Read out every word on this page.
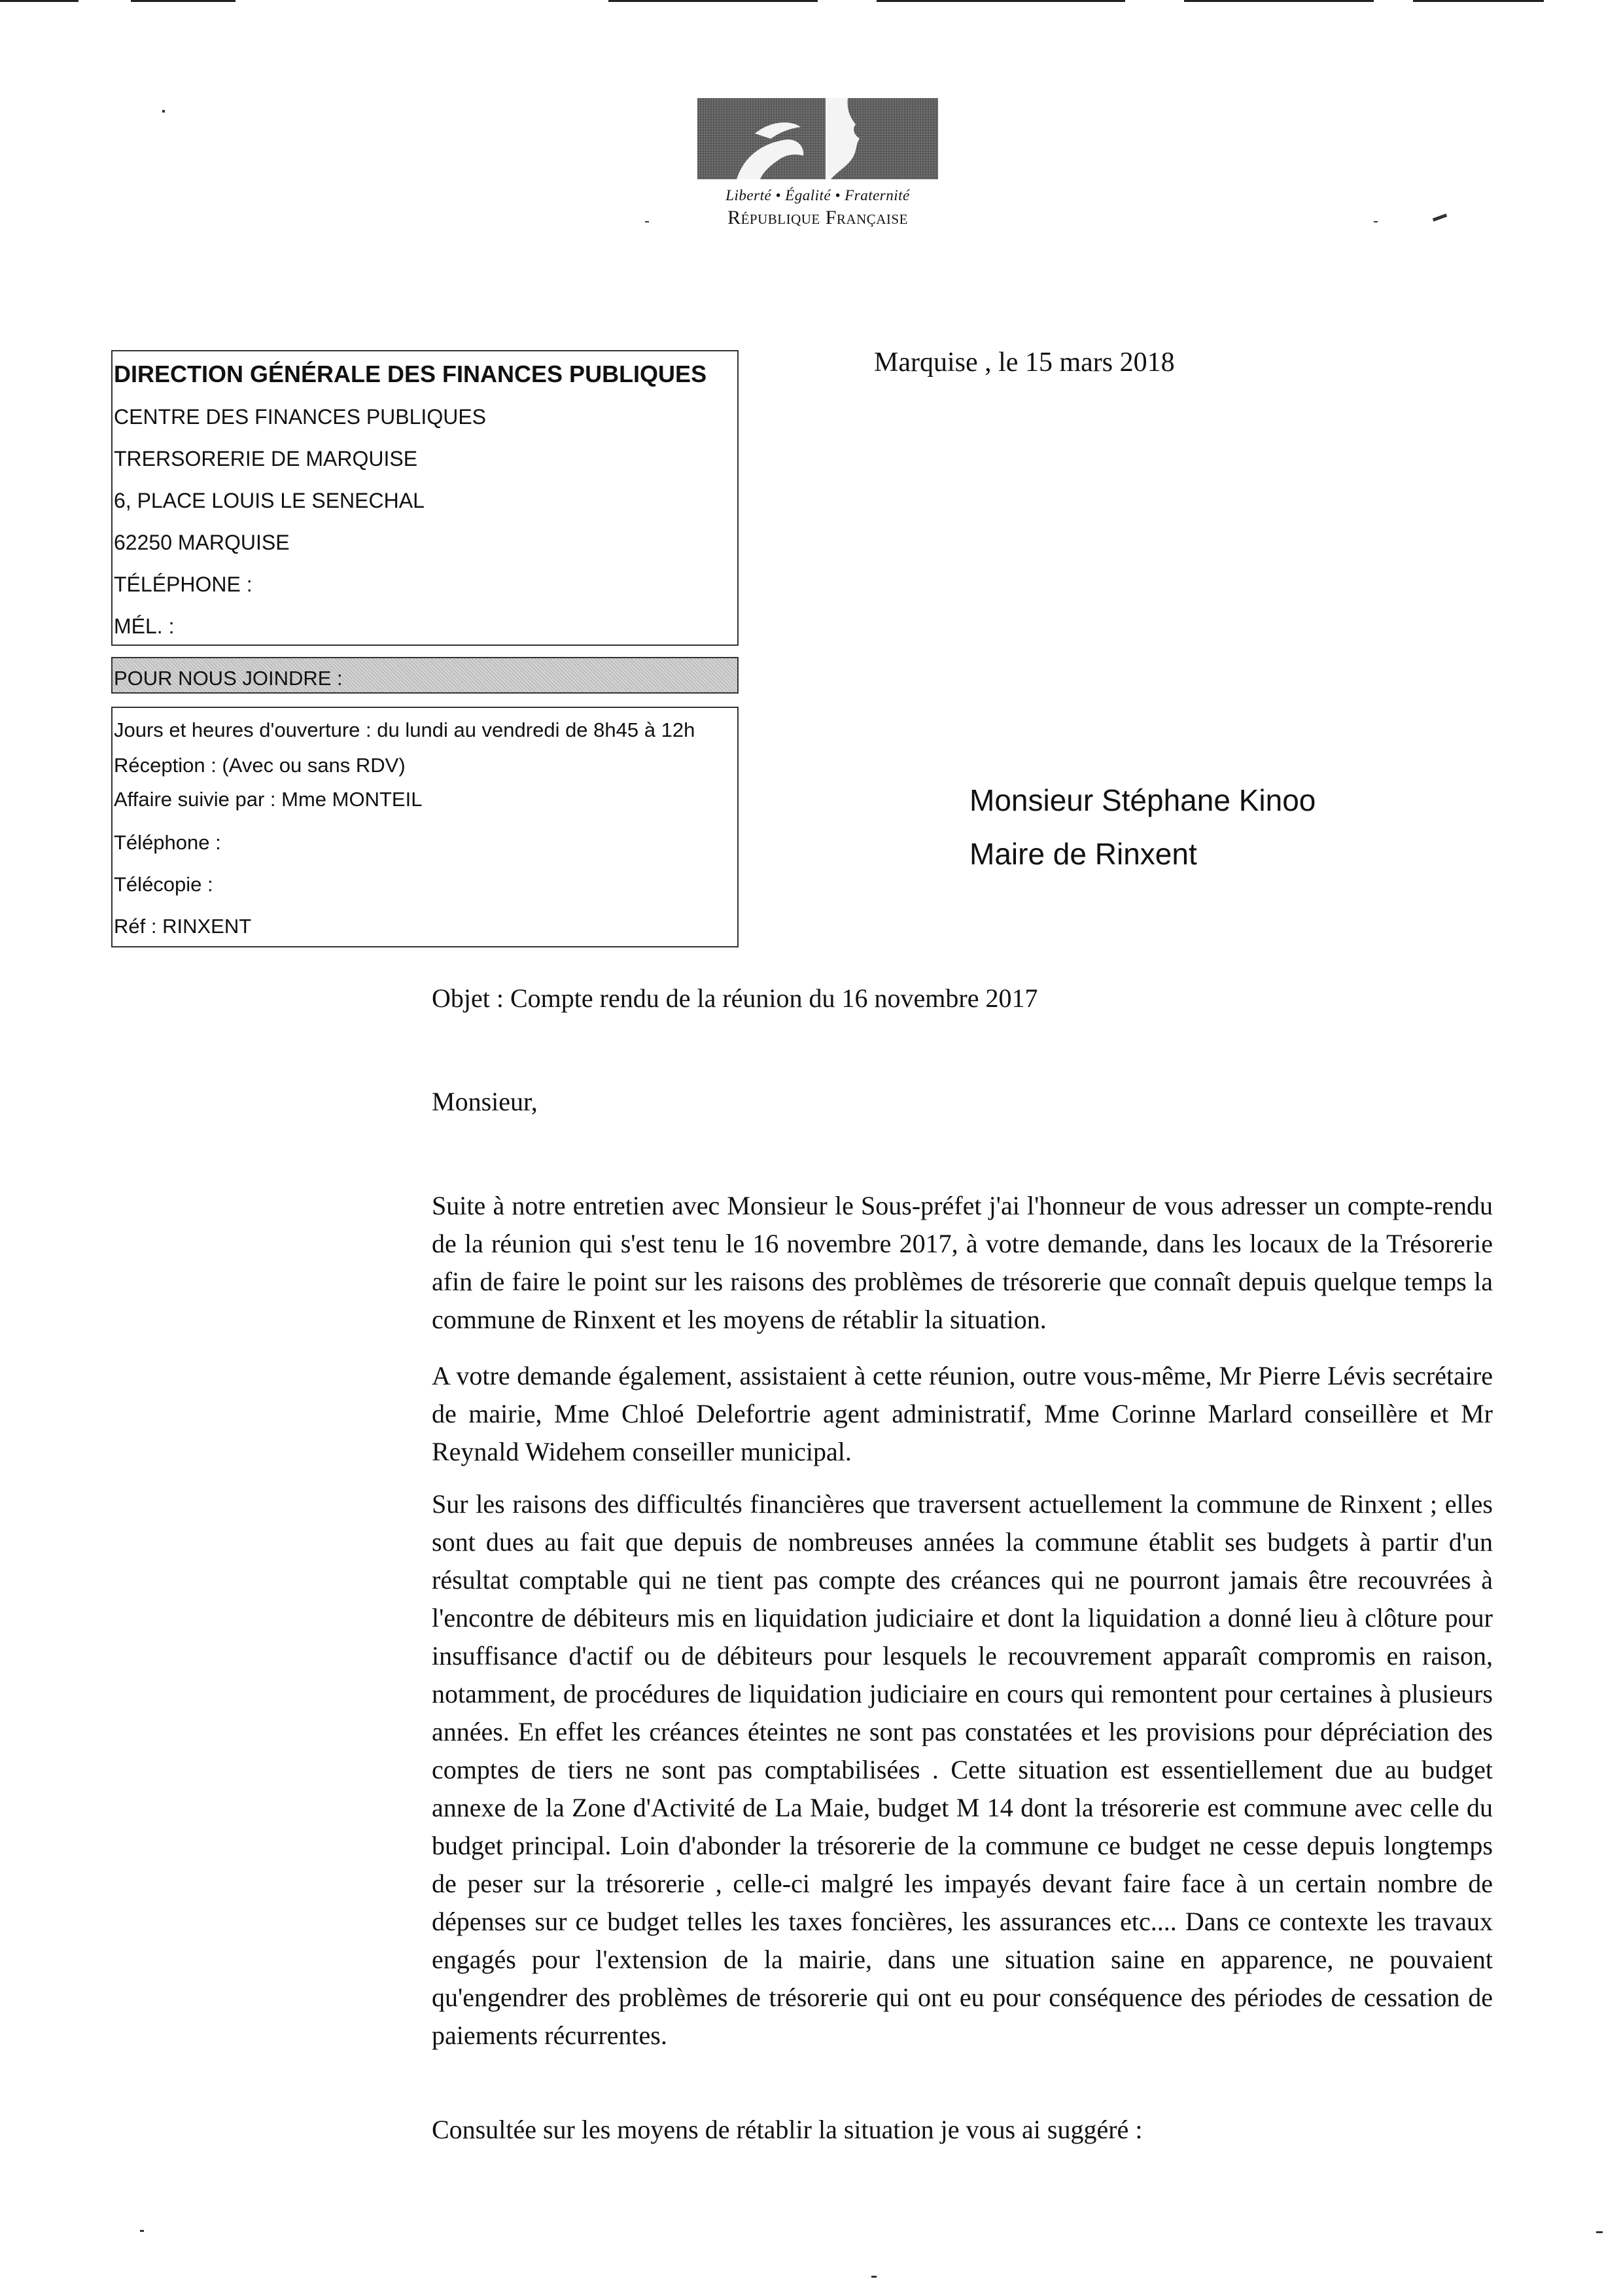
Liberté • Égalité • Fraternité
République Française
DIRECTION GÉNÉRALE DES FINANCES PUBLIQUES
CENTRE DES FINANCES PUBLIQUES
TRERSORERIE DE MARQUISE
6, PLACE LOUIS LE SENECHAL
62250 MARQUISE
TÉLÉPHONE :
MÉL. :
POUR NOUS JOINDRE :
Jours et heures d'ouverture : du lundi au vendredi de 8h45 à 12h
Réception : (Avec ou sans RDV)
Affaire suivie par : Mme MONTEIL
Téléphone :
Télécopie :
Réf : RINXENT
Marquise , le 15 mars 2018
Monsieur Stéphane Kinoo
Maire de Rinxent
Objet : Compte rendu de la réunion du 16 novembre 2017
Monsieur,

Suite à notre entretien avec Monsieur le Sous-préfet j'ai l'honneur de vous adresser un compte-rendu de la réunion qui s'est tenu le 16 novembre 2017, à votre demande, dans les locaux de la Trésorerie afin de faire le point sur les raisons des problèmes de trésorerie que connaît depuis quelque temps la commune de Rinxent et les moyens de rétablir la situation.

A votre demande également, assistaient à cette réunion, outre vous-même, Mr Pierre Lévis secrétaire de mairie, Mme Chloé Delefortrie agent administratif, Mme Corinne Marlard conseillère et Mr Reynald Widehem conseiller municipal.

Sur les raisons des difficultés financières que traversent actuellement la commune de Rinxent ; elles sont dues au fait que depuis de nombreuses années la commune établit ses budgets à partir d'un résultat comptable qui ne tient pas compte des créances qui ne pourront jamais être recouvrées à l'encontre de débiteurs mis en liquidation judiciaire et dont la liquidation a donné lieu à clôture pour insuffisance d'actif ou de débiteurs pour lesquels le recouvrement apparaît compromis en raison, notamment, de procédures de liquidation judiciaire en cours qui remontent pour certaines à plusieurs années. En effet les créances éteintes ne sont pas constatées et les provisions pour dépréciation des comptes de tiers ne sont pas comptabilisées . Cette situation est essentiellement due au budget annexe de la Zone d'Activité de La Maie, budget M 14 dont la trésorerie est commune avec celle du budget principal. Loin d'abonder la trésorerie de la commune ce budget ne cesse depuis longtemps de peser sur la trésorerie , celle-ci malgré les impayés devant faire face à un certain nombre de dépenses sur ce budget telles les taxes foncières, les assurances etc.... Dans ce contexte les travaux engagés pour l'extension de la mairie, dans une situation saine en apparence, ne pouvaient qu'engendrer des problèmes de trésorerie qui ont eu pour conséquence des périodes de cessation de paiements récurrentes.

Consultée sur les moyens de rétablir la situation je vous ai suggéré :
